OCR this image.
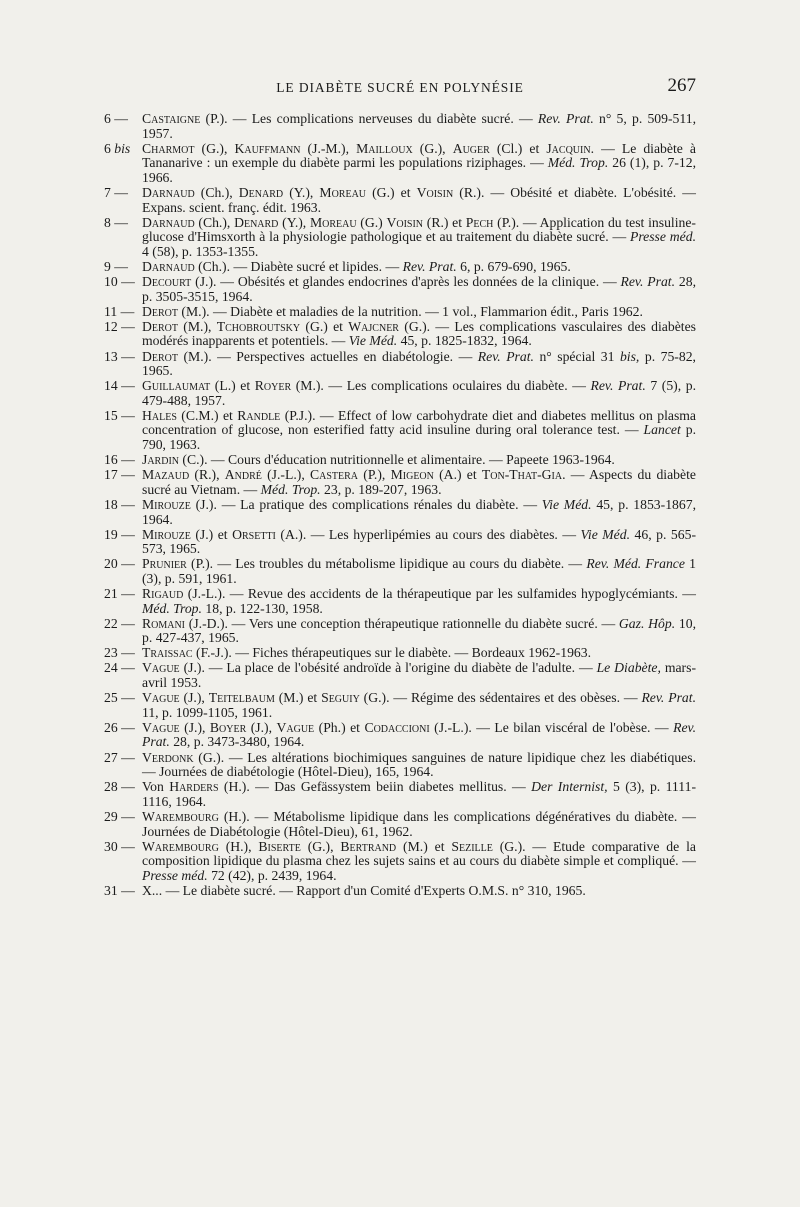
LE DIABÈTE SUCRÉ EN POLYNÉSIE	267
6 — Castaigne (P.). — Les complications nerveuses du diabète sucré. — Rev. Prat. n° 5, p. 509-511, 1957.
6 bis Charmot (G.), Kauffmann (J.-M.), Mailloux (G.), Auger (Cl.) et Jacquin. — Le diabète à Tananarive : un exemple du diabète parmi les populations riziphages. — Méd. Trop. 26 (1), p. 7-12, 1966.
7 — Darnaud (Ch.), Denard (Y.), Moreau (G.) et Voisin (R.). — Obésité et diabète. L'obésité. — Expans. scient. franç. édit. 1963.
8 — Darnaud (Ch.), Denard (Y.), Moreau (G.) Voisin (R.) et Pech (P.). — Application du test insuline-glucose d'Himsxorth à la physiologie pathologique et au traitement du diabète sucré. — Presse méd. 4 (58), p. 1353-1355.
9 — Darnaud (Ch.). — Diabète sucré et lipides. — Rev. Prat. 6, p. 679-690, 1965.
10 — Decourt (J.). — Obésités et glandes endocrines d'après les données de la clinique. — Rev. Prat. 28, p. 3505-3515, 1964.
11 — Derot (M.). — Diabète et maladies de la nutrition. — 1 vol., Flammarion édit., Paris 1962.
12 — Derot (M.), Tchobroutsky (G.) et Wajcner (G.). — Les complications vasculaires des diabètes modérés inapparents et potentiels. — Vie Méd. 45, p. 1825-1832, 1964.
13 — Derot (M.). — Perspectives actuelles en diabétologie. — Rev. Prat. n° spécial 31 bis, p. 75-82, 1965.
14 — Guillaumat (L.) et Royer (M.). — Les complications oculaires du diabète. — Rev. Prat. 7 (5), p. 479-488, 1957.
15 — Hales (C.M.) et Randle (P.J.). — Effect of low carbohydrate diet and diabetes mellitus on plasma concentration of glucose, non esterified fatty acid insuline during oral tolerance test. — Lancet p. 790, 1963.
16 — Jardin (C.). — Cours d'éducation nutritionnelle et alimentaire. — Papeete 1963-1964.
17 — Mazaud (R.), André (J.-L.), Castera (P.), Migeon (A.) et Ton-That-Gia. — Aspects du diabète sucré au Vietnam. — Méd. Trop. 23, p. 189-207, 1963.
18 — Mirouze (J.). — La pratique des complications rénales du diabète. — Vie Méd. 45, p. 1853-1867, 1964.
19 — Mirouze (J.) et Orsetti (A.). — Les hyperlipémies au cours des diabètes. — Vie Méd. 46, p. 565-573, 1965.
20 — Prunier (P.). — Les troubles du métabolisme lipidique au cours du diabète. — Rev. Méd. France 1 (3), p. 591, 1961.
21 — Rigaud (J.-L.). — Revue des accidents de la thérapeutique par les sulfamides hypoglycémiants. — Méd. Trop. 18, p. 122-130, 1958.
22 — Romani (J.-D.). — Vers une conception thérapeutique rationnelle du diabète sucré. — Gaz. Hôp. 10, p. 427-437, 1965.
23 — Traissac (F.-J.). — Fiches thérapeutiques sur le diabète. — Bordeaux 1962-1963.
24 — Vague (J.). — La place de l'obésité androïde à l'origine du diabète de l'adulte. — Le Diabète, mars-avril 1953.
25 — Vague (J.), Teitelbaum (M.) et Seguiy (G.). — Régime des sédentaires et des obèses. — Rev. Prat. 11, p. 1099-1105, 1961.
26 — Vague (J.), Boyer (J.), Vague (Ph.) et Codaccioni (J.-L.). — Le bilan viscéral de l'obèse. — Rev. Prat. 28, p. 3473-3480, 1964.
27 — Verdonk (G.). — Les altérations biochimiques sanguines de nature lipidique chez les diabétiques. — Journées de diabétologie (Hôtel-Dieu), 165, 1964.
28 — Von Harders (H.). — Das Gefässystem beiin diabetes mellitus. — Der Internist, 5 (3), p. 1111-1116, 1964.
29 — Warembourg (H.). — Métabolisme lipidique dans les complications dégénératives du diabète. — Journées de Diabétologie (Hôtel-Dieu), 61, 1962.
30 — Warembourg (H.), Biserte (G.), Bertrand (M.) et Sezille (G.). — Etude comparative de la composition lipidique du plasma chez les sujets sains et au cours du diabète simple et compliqué. — Presse méd. 72 (42), p. 2439, 1964.
31 — X... — Le diabète sucré. — Rapport d'un Comité d'Experts O.M.S. n° 310, 1965.
